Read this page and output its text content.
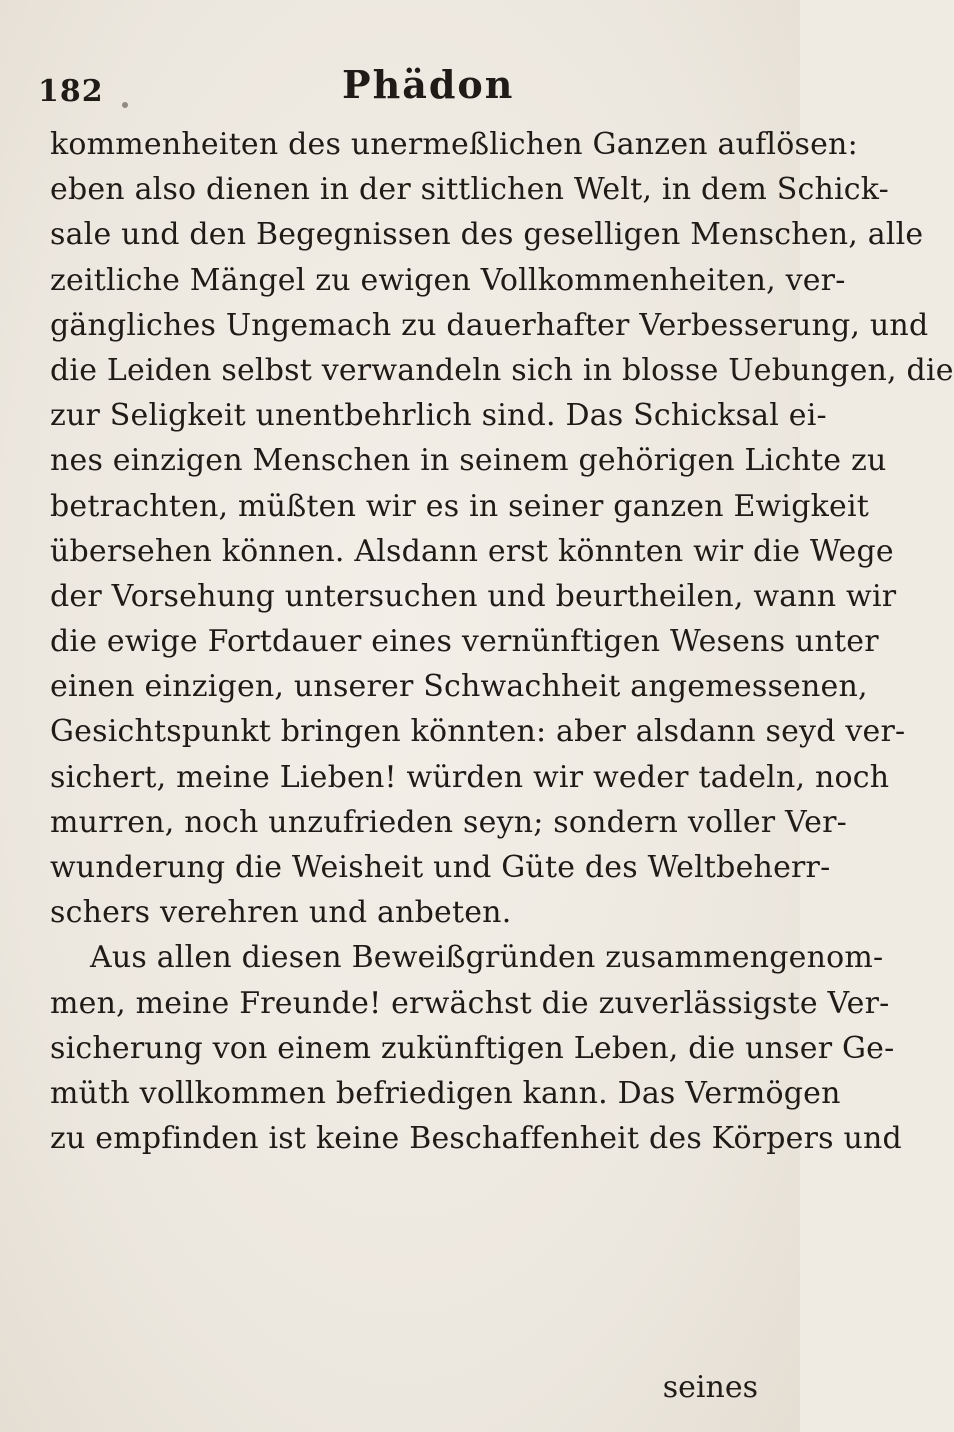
182	Phädon
kommenheiten des unermeßlichen Ganzen auflösen:
eben also dienen in der sittlichen Welt, in dem Schick-
sale und den Begegnissen des geselligen Menschen, alle
zeitliche Mängel zu ewigen Vollkommenheiten, ver-
gängliches Ungemach zu dauerhafter Verbesserung, und
die Leiden selbst verwandeln sich in blosse Uebungen, die
zur Seligkeit unentbehrlich sind. Das Schicksal ei-
nes einzigen Menschen in seinem gehörigen Lichte zu
betrachten, müßten wir es in seiner ganzen Ewigkeit
übersehen können. Alsdann erst könnten wir die Wege
der Vorsehung untersuchen und beurtheilen, wann wir
die ewige Fortdauer eines vernünftigen Wesens unter
einen einzigen, unserer Schwachheit angemessenen,
Gesichtspunkt bringen könnten: aber alsdann seyd ver-
sichert, meine Lieben! würden wir weder tadeln, noch
murren, noch unzufrieden seyn; sondern voller Ver-
wunderung die Weisheit und Güte des Weltbeherr-
schers verehren und anbeten.
Aus allen diesen Beweißgründen zusammengenom-
men, meine Freunde! erwächst die zuverlässigste Ver-
sicherung von einem zukünftigen Leben, die unser Ge-
müth vollkommen befriedigen kann. Das Vermögen
zu empfinden ist keine Beschaffenheit des Körpers und
seines
